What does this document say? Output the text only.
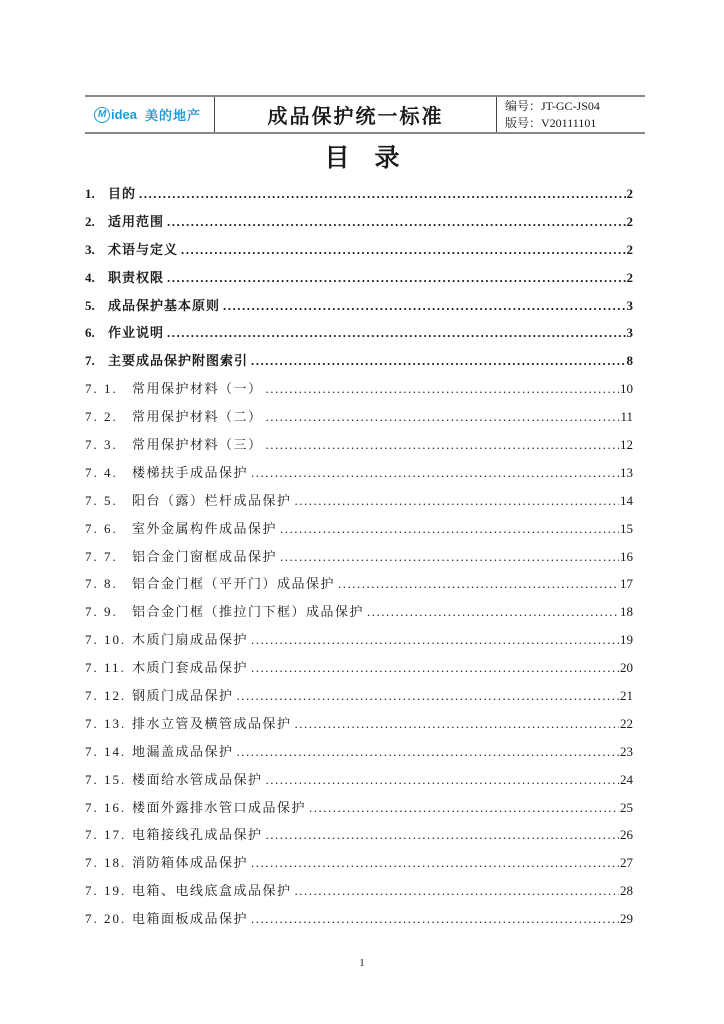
M idea 美的地产	成品保护统一标准
编号：JT-GC-JS04
版号：V20111101
目　录
1.	目的 .....	2
2.	适用范围 .....	2
3.	术语与定义 .....	2
4.	职责权限 .....	2
5.	成品保护基本原则 .....	3
6.	作业说明 .....	3
7.	主要成品保护附图索引 .....	8
7. 1.	常用保护材料（一） .....	10
7. 2.	常用保护材料（二） .....	11
7. 3.	常用保护材料（三） .....	12
7. 4.	楼梯扶手成品保护 .....	13
7. 5.	阳台（露）栏杆成品保护 .....	14
7. 6.	室外金属构件成品保护 .....	15
7. 7.	铝合金门窗框成品保护 .....	16
7. 8.	铝合金门框（平开门）成品保护 .....	17
7. 9.	铝合金门框（推拉门下框）成品保护 .....	18
7. 10. 木质门扇成品保护 .....	19
7. 11. 木质门套成品保护 .....	20
7. 12. 钢质门成品保护 .....	21
7. 13. 排水立管及横管成品保护 .....	22
7. 14. 地漏盖成品保护 .....	23
7. 15. 楼面给水管成品保护 .....	24
7. 16. 楼面外露排水管口成品保护 .....	25
7. 17. 电箱接线孔成品保护 .....	26
7. 18. 消防箱体成品保护 .....	27
7. 19. 电箱、电线底盒成品保护 .....	28
7. 20. 电箱面板成品保护 .....	29
1
